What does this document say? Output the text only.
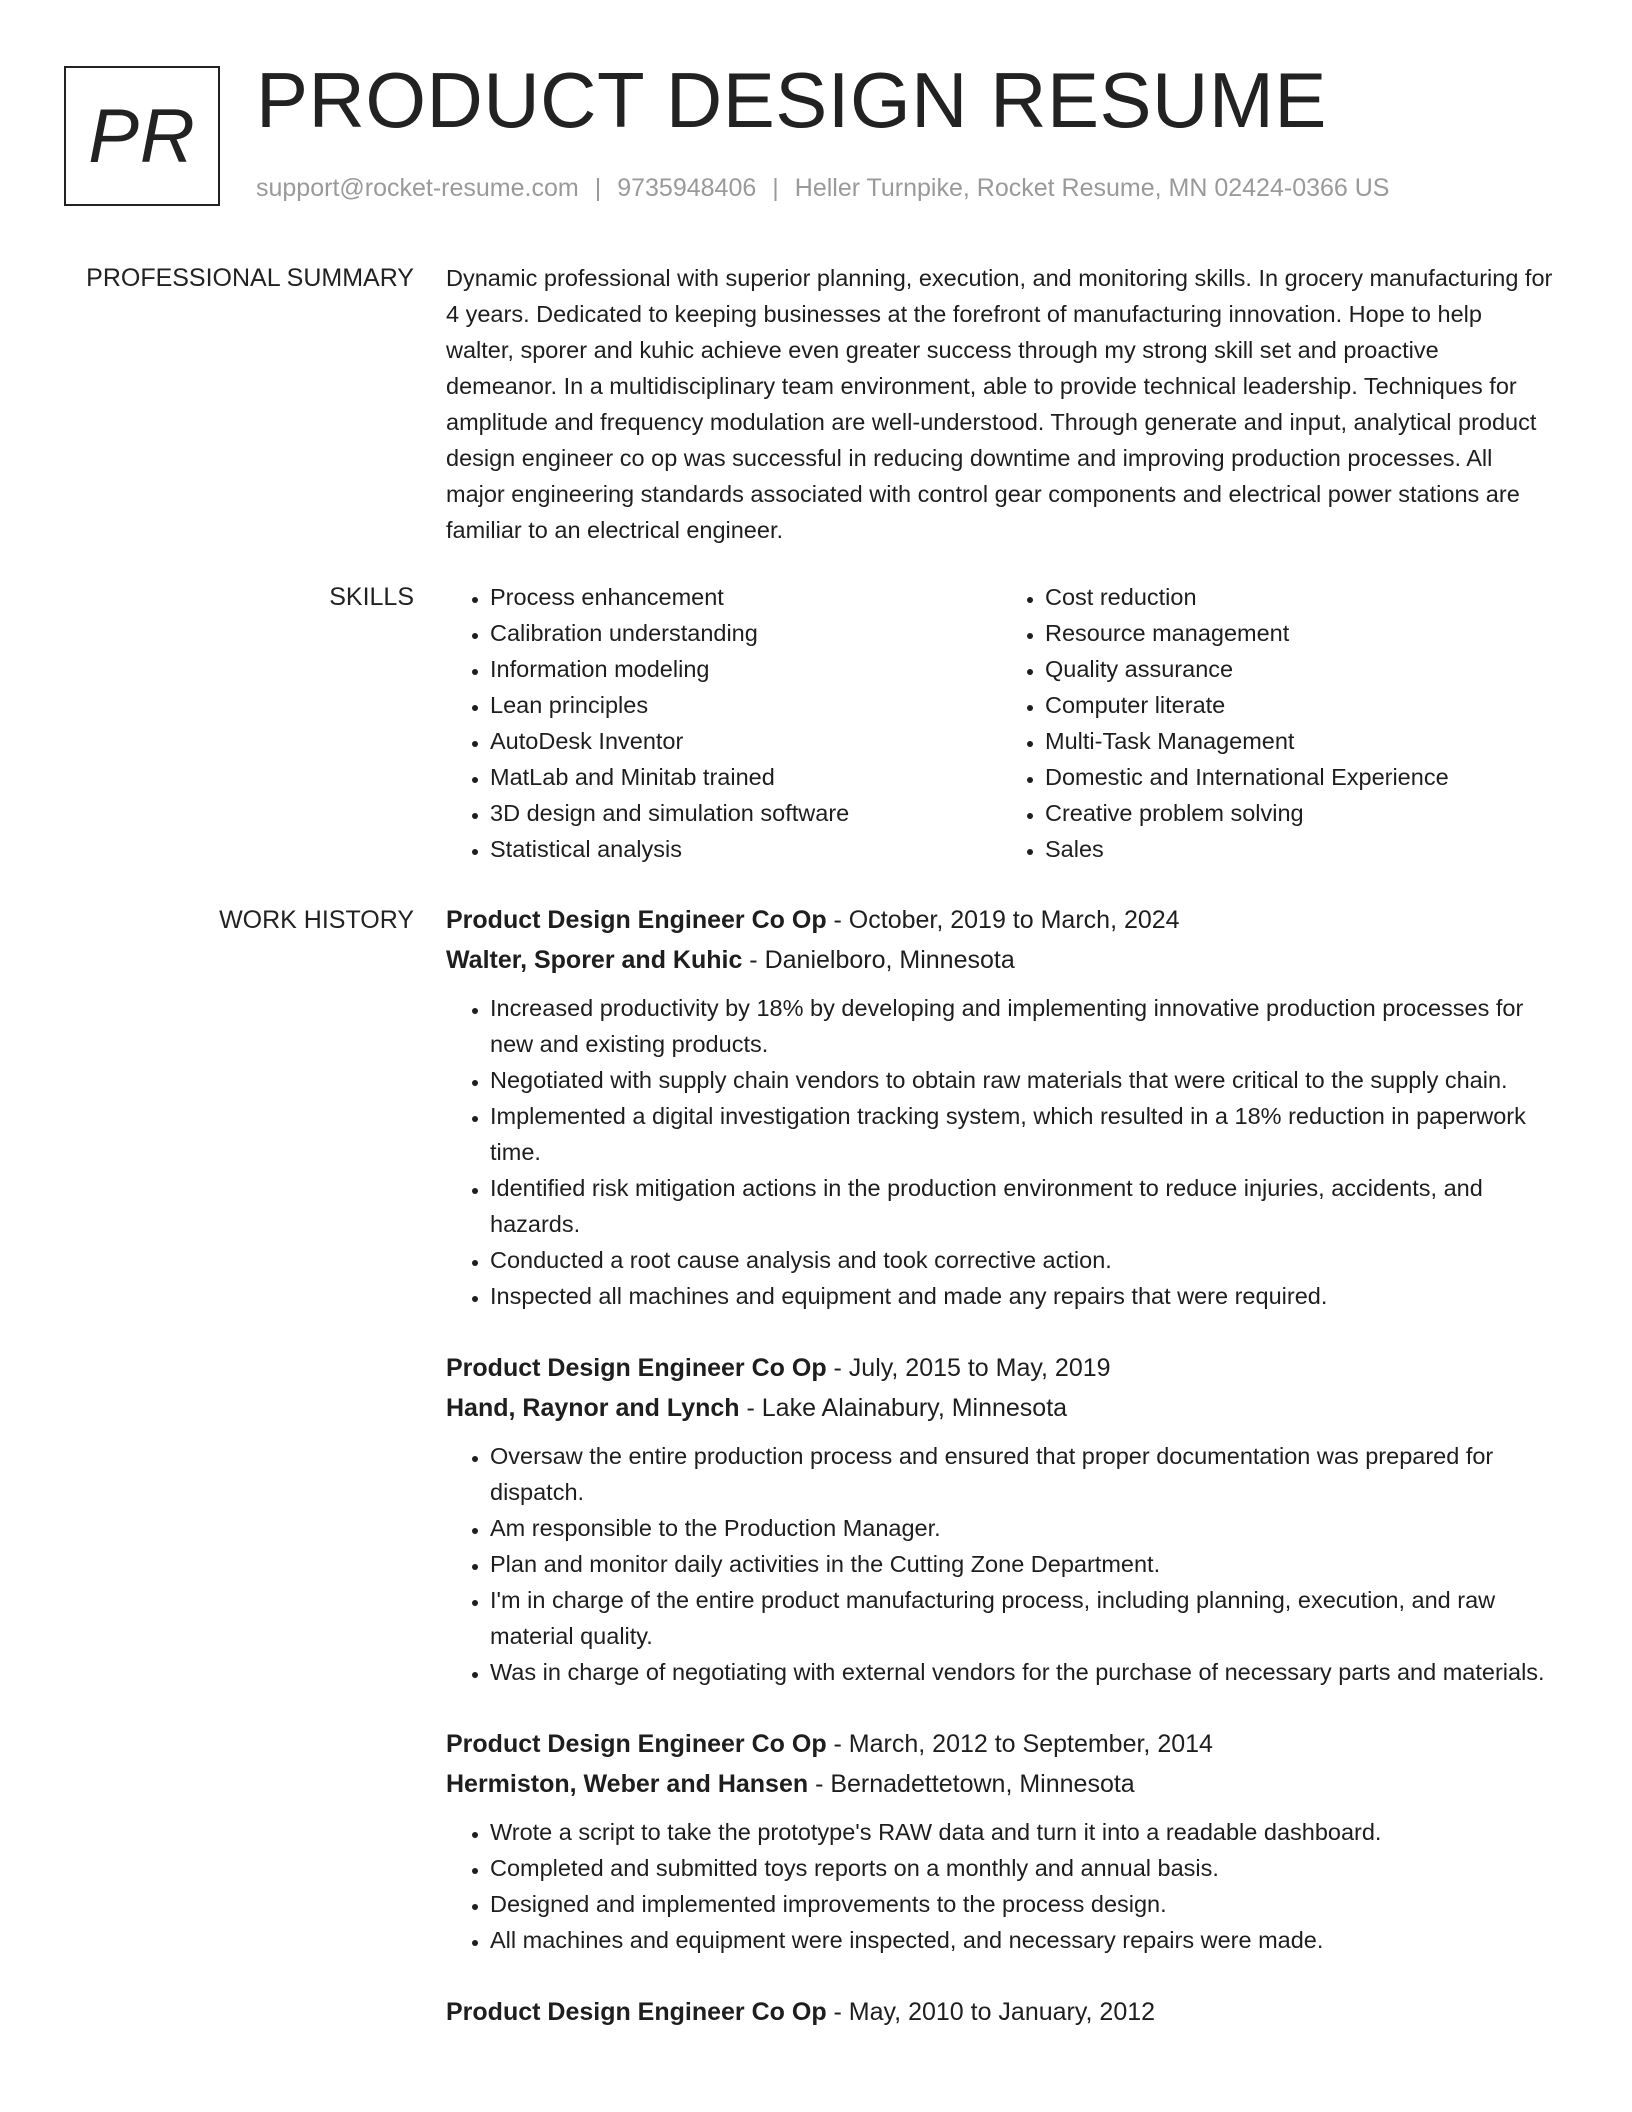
PR PRODUCT DESIGN RESUME
support@rocket-resume.com | 9735948406 | Heller Turnpike, Rocket Resume, MN 02424-0366 US
PROFESSIONAL SUMMARY Dynamic professional with superior planning, execution, and monitoring skills. In grocery manufacturing for 4 years. Dedicated to keeping businesses at the forefront of manufacturing innovation. Hope to help walter, sporer and kuhic achieve even greater success through my strong skill set and proactive demeanor. In a multidisciplinary team environment, able to provide technical leadership. Techniques for amplitude and frequency modulation are well-understood. Through generate and input, analytical product design engineer co op was successful in reducing downtime and improving production processes. All major engineering standards associated with control gear components and electrical power stations are familiar to an electrical engineer.

SKILLS
•	Process enhancement
• Calibration understanding
• Information modeling
• Lean principles
• AutoDesk Inventor
• MatLab and Minitab trained
• 3D design and simulation software
• Statistical analysis
• Cost reduction
• Resource management
• Quality assurance
• Computer literate
• Multi-Task Management
• Domestic and International Experience
• Creative problem solving
• Sales
WORK HISTORY Product Design Engineer Co Op - October, 2019 to March, 2024
Walter, Sporer and Kuhic - Danielboro, Minnesota
• Increased productivity by 18% by developing and implementing innovative production processes for new and existing products.
• Negotiated with supply chain vendors to obtain raw materials that were critical to the supply chain.
• Implemented a digital investigation tracking system, which resulted in a 18% reduction in paperwork time.
• Identified risk mitigation actions in the production environment to reduce injuries, accidents, and hazards.
• Conducted a root cause analysis and took corrective action.
• Inspected all machines and equipment and made any repairs that were required.
Product Design Engineer Co Op - July, 2015 to May, 2019
Hand, Raynor and Lynch - Lake Alainabury, Minnesota
• Oversaw the entire production process and ensured that proper documentation was prepared for dispatch.
• Am responsible to the Production Manager.
• Plan and monitor daily activities in the Cutting Zone Department.
• I'm in charge of the entire product manufacturing process, including planning, execution, and raw material quality.
• Was in charge of negotiating with external vendors for the purchase of necessary parts and materials.
Product Design Engineer Co Op - March, 2012 to September, 2014
Hermiston, Weber and Hansen - Bernadettetown, Minnesota
• Wrote a script to take the prototype's RAW data and turn it into a readable dashboard.
• Completed and submitted toys reports on a monthly and annual basis.
• Designed and implemented improvements to the process design.
• All machines and equipment were inspected, and necessary repairs were made.
Product Design Engineer Co Op - May, 2010 to January, 2012
